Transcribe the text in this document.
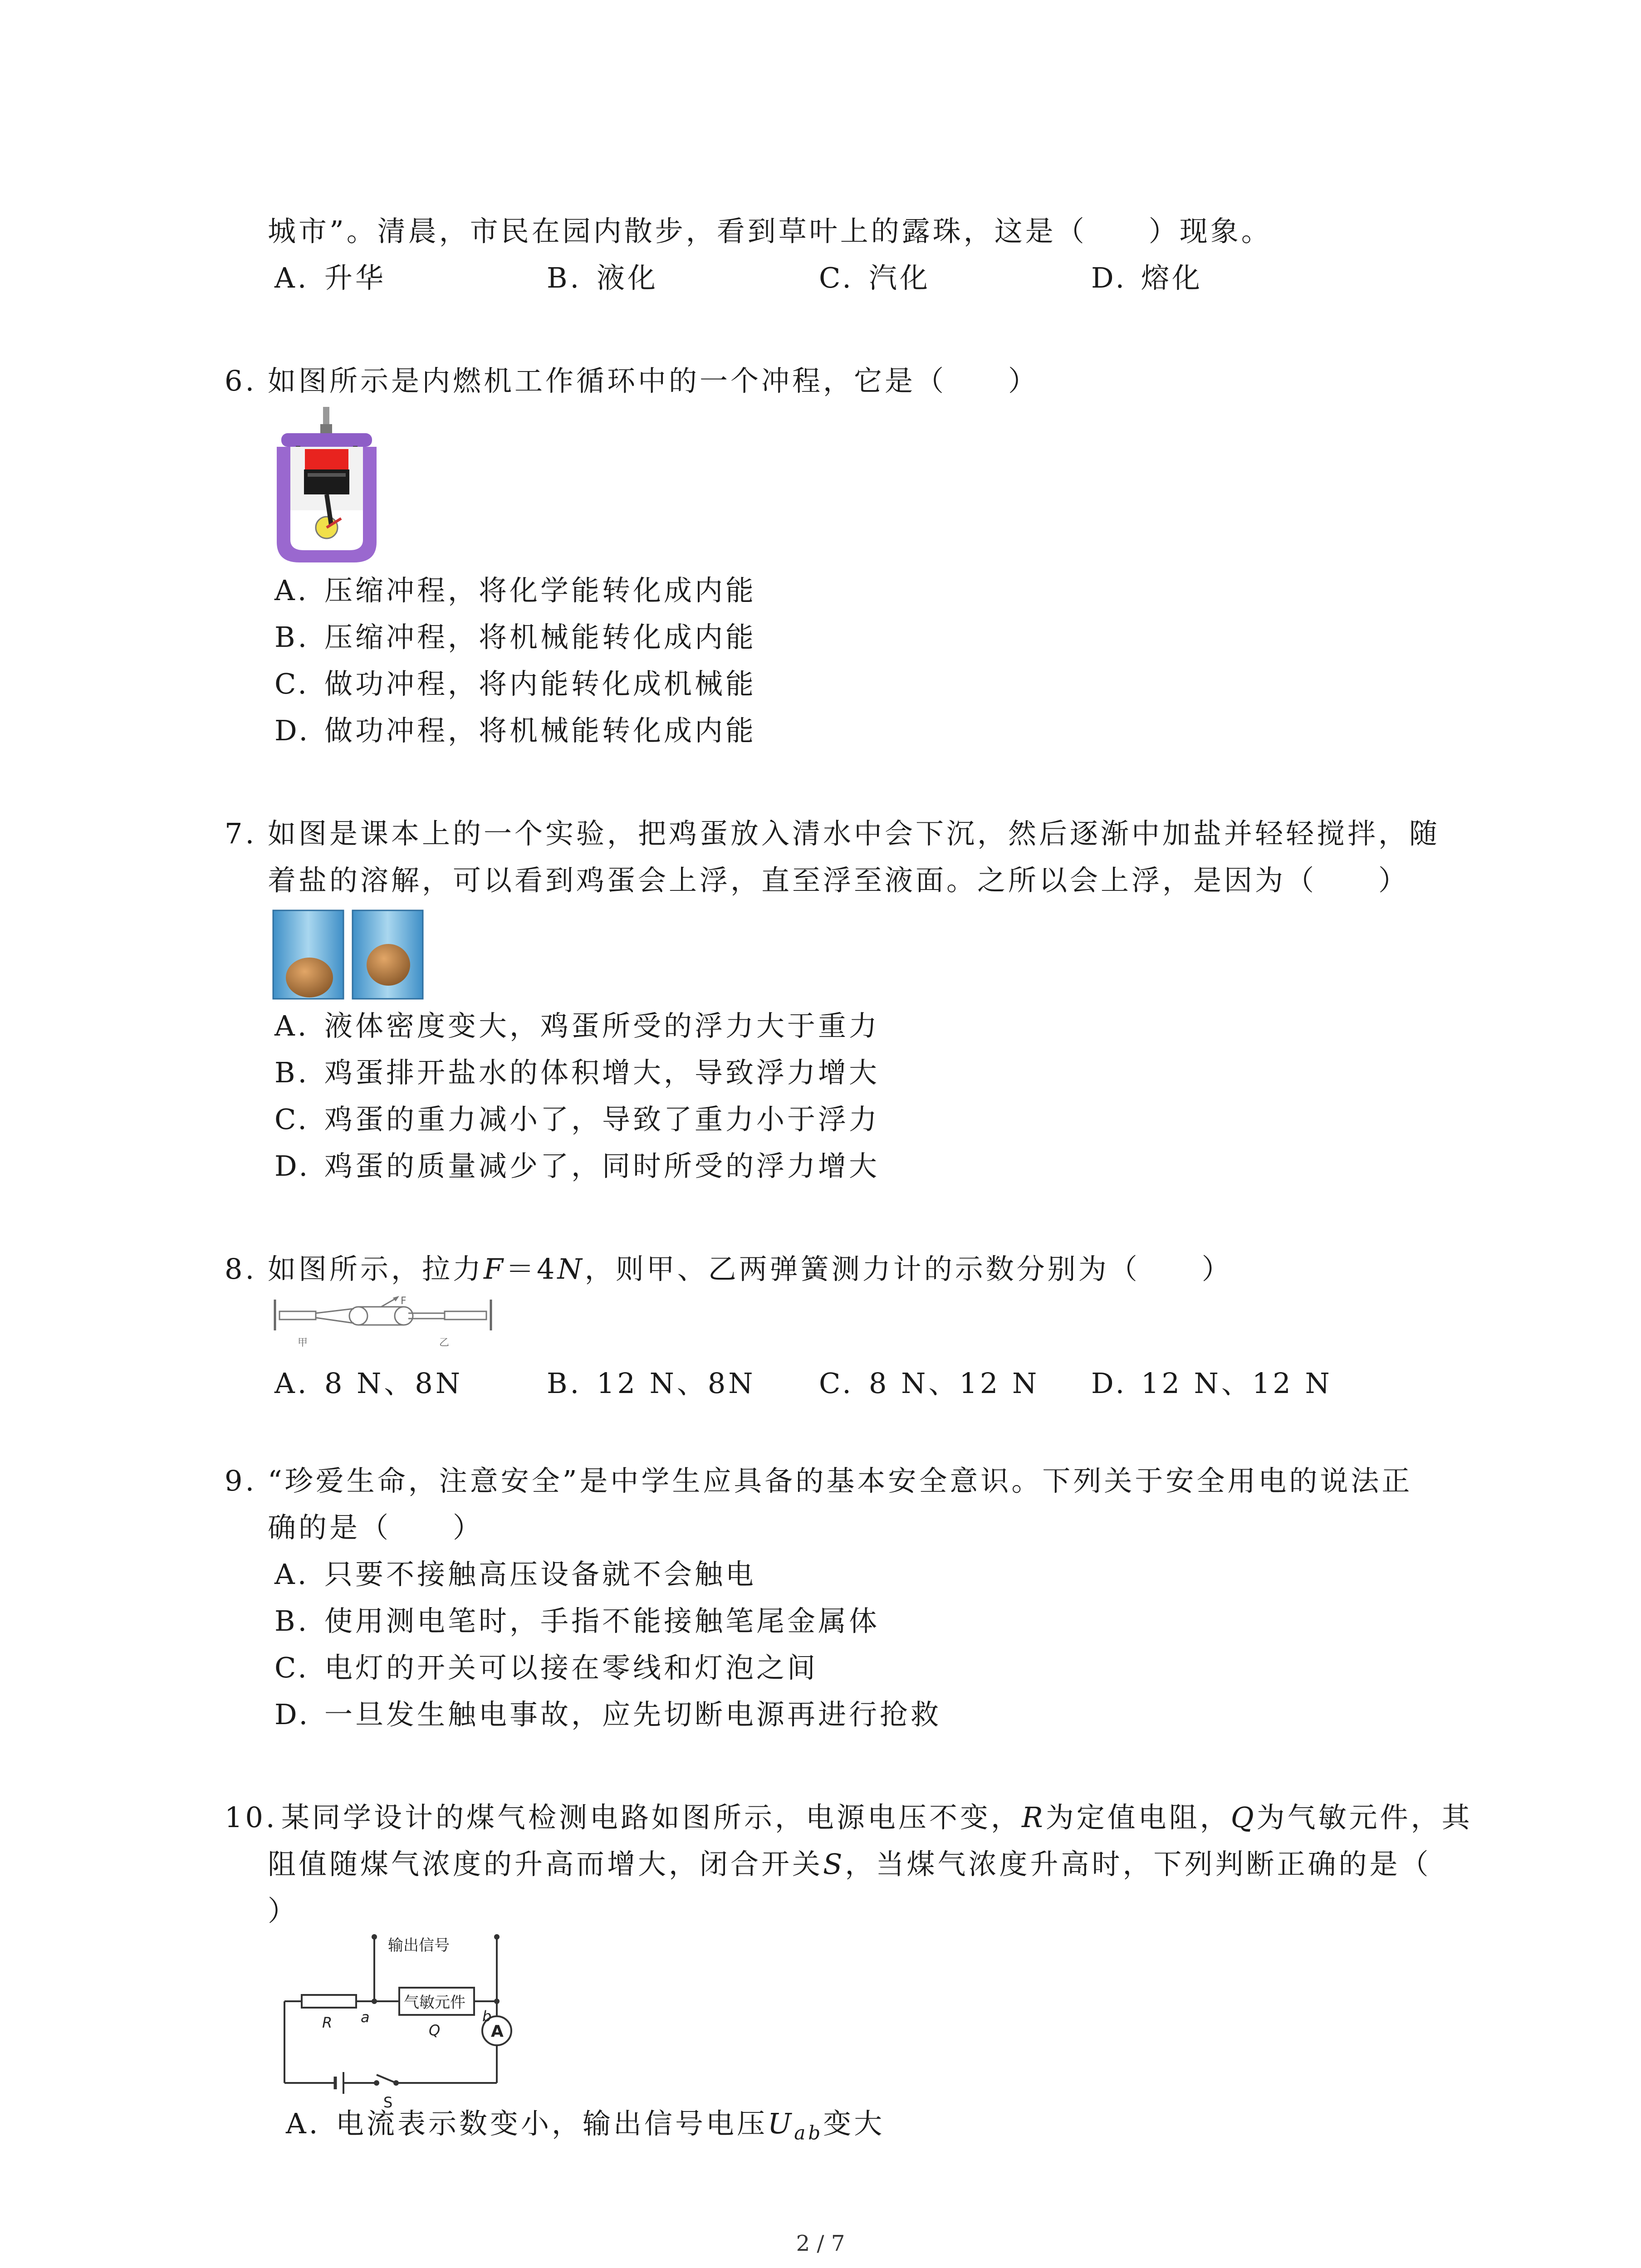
城市”。清晨，市民在园内散步，看到草叶上的露珠，这是（　　）现象。
A. 升华	B. 液化	C. 汽化	D. 熔化
6. 如图所示是内燃机工作循环中的一个冲程，它是（　　）
A. 压缩冲程，将化学能转化成内能
B. 压缩冲程，将机械能转化成内能
C. 做功冲程，将内能转化成机械能
D. 做功冲程，将机械能转化成内能
7. 如图是课本上的一个实验，把鸡蛋放入清水中会下沉，然后逐渐中加盐并轻轻搅拌，随
着盐的溶解，可以看到鸡蛋会上浮，直至浮至液面。之所以会上浮，是因为（　　）
A. 液体密度变大，鸡蛋所受的浮力大于重力
B. 鸡蛋排开盐水的体积增大，导致浮力增大
C. 鸡蛋的重力减小了，导致了重力小于浮力
D. 鸡蛋的质量减少了，同时所受的浮力增大
8. 如图所示，拉力F＝4N，则甲、乙两弹簧测力计的示数分别为（　　）
F
甲	乙
A. 8 N、8N	B. 12 N、8N C. 8 N、12 N D. 12 N、12 N
9. “珍爱生命，注意安全”是中学生应具备的基本安全意识。下列关于安全用电的说法正
确的是（　　）
A. 只要不接触高压设备就不会触电
B. 使用测电笔时，手指不能接触笔尾金属体
C. 电灯的开关可以接在零线和灯泡之间
D. 一旦发生触电事故，应先切断电源再进行抢救
10. 某同学设计的煤气检测电路如图所示，电源电压不变，R为定值电阻，Q为气敏元件，其
阻值随煤气浓度的升高而增大，闭合开关S，当煤气浓度升高时，下列判断正确的是（
）
输出信号
气敏元件
R a
Q
b
A
S
A. 电流表示数变小，输出信号电压$U_{ab}$变大
2 / 7
